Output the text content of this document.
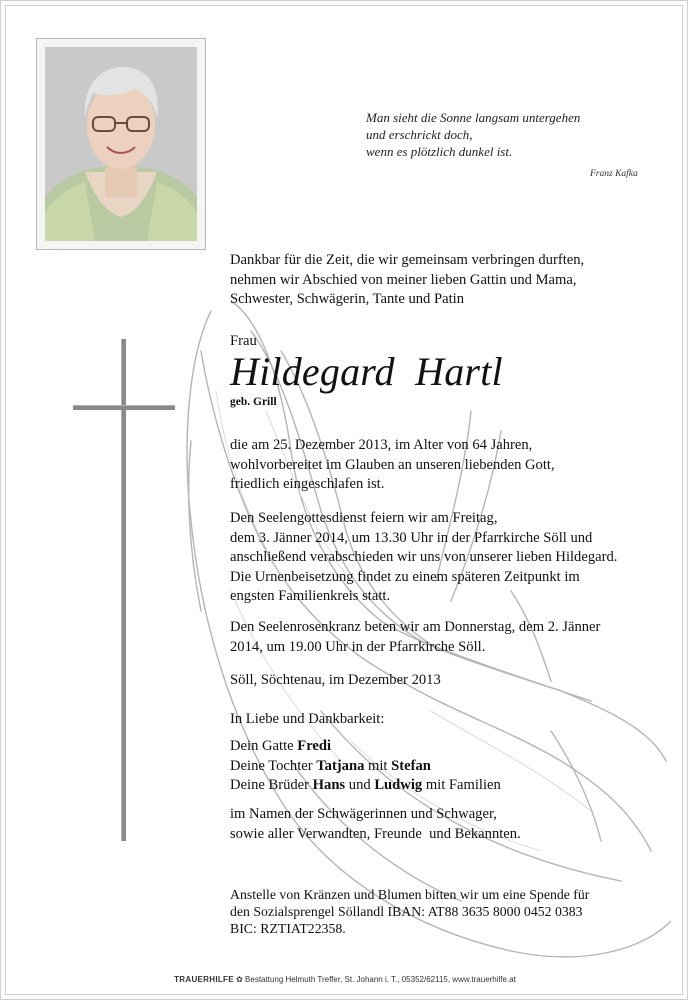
Man sieht die Sonne langsam untergehen
und erschrickt doch,
wenn es plötzlich dunkel ist.
Franz Kafka
Dankbar für die Zeit, die wir gemeinsam verbringen durften,
nehmen wir Abschied von meiner lieben Gattin und Mama,
Schwester, Schwägerin, Tante und Patin
Frau
Hildegard  Hartl
geb. Grill
die am 25. Dezember 2013, im Alter von 64 Jahren,
wohlvorbereitet im Glauben an unseren liebenden Gott,
friedlich eingeschlafen ist.
Den Seelengottesdienst feiern wir am Freitag,
dem 3. Jänner 2014, um 13.30 Uhr in der Pfarrkirche Söll und
anschließend verabschieden wir uns von unserer lieben Hildegard.
Die Urnenbeisetzung findet zu einem späteren Zeitpunkt im
engsten Familienkreis statt.
Den Seelenrosenkranz beten wir am Donnerstag, dem 2. Jänner
2014, um 19.00 Uhr in der Pfarrkirche Söll.
Söll, Söchtenau, im Dezember 2013
In Liebe und Dankbarkeit:
Dein Gatte Fredi
Deine Tochter Tatjana mit Stefan
Deine Brüder Hans und Ludwig mit Familien
im Namen der Schwägerinnen und Schwager,
sowie aller Verwandten, Freunde  und Bekannten.
Anstelle von Kränzen und Blumen bitten wir um eine Spende für
den Sozialsprengel Söllandl IBAN: AT88 3635 8000 0452 0383
BIC: RZTIAT22358.
TRAUERHILFE ✿ Bestattung Helmuth Treffer, St. Johann i. T., 05352/62115, www.trauerhilfe.at
